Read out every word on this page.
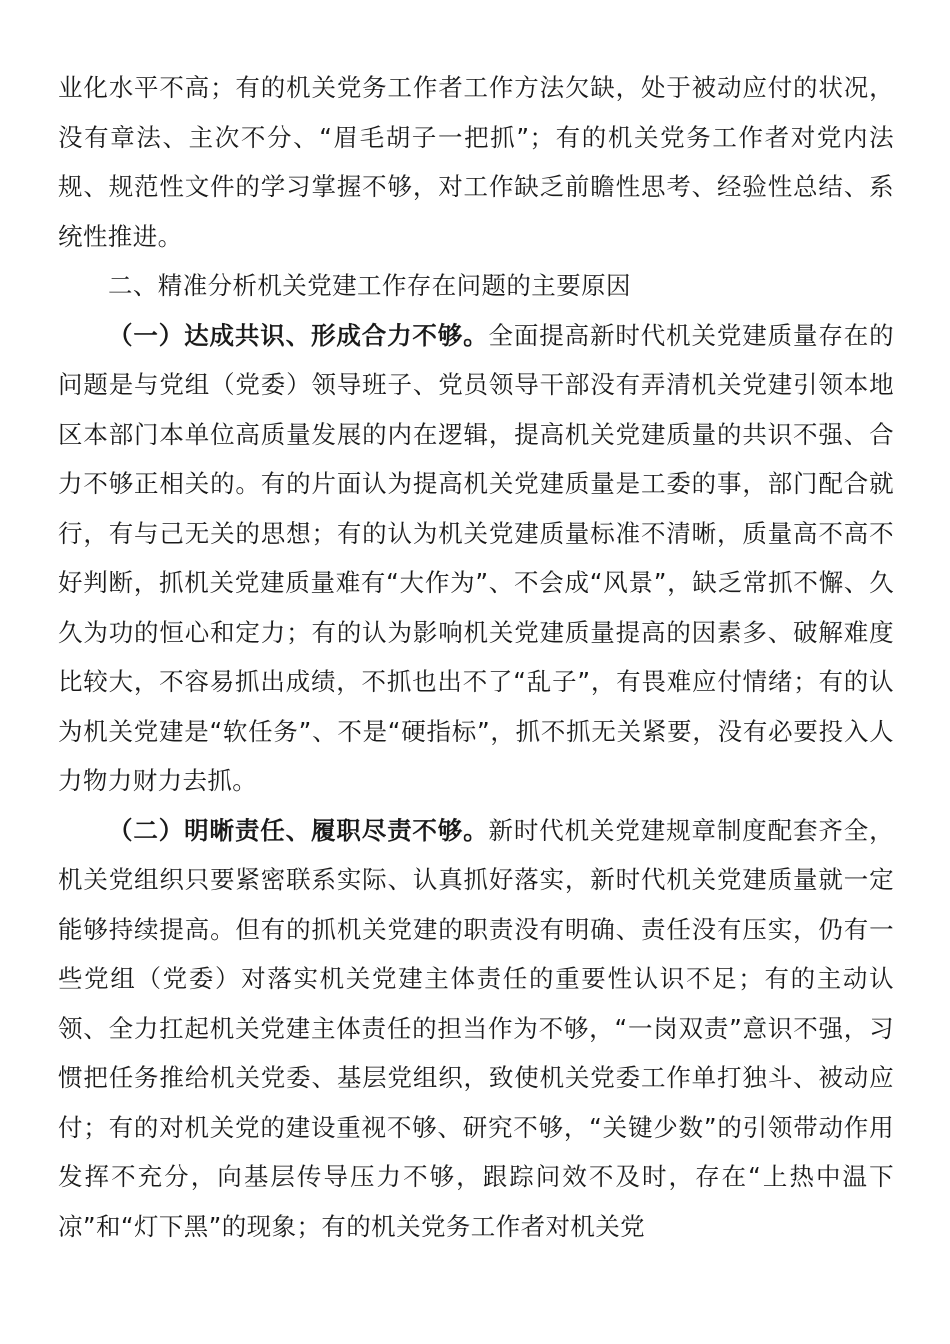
业化水平不高；有的机关党务工作者工作方法欠缺，处于被动应付的状况，没有章法、主次不分、“眉毛胡子一把抓”；有的机关党务工作者对党内法规、规范性文件的学习掌握不够，对工作缺乏前瞻性思考、经验性总结、系统性推进。

二、精准分析机关党建工作存在问题的主要原因

（一）达成共识、形成合力不够。全面提高新时代机关党建质量存在的问题是与党组（党委）领导班子、党员领导干部没有弄清机关党建引领本地区本部门本单位高质量发展的内在逻辑，提高机关党建质量的共识不强、合力不够正相关的。有的片面认为提高机关党建质量是工委的事，部门配合就行，有与己无关的思想；有的认为机关党建质量标准不清晰，质量高不高不好判断，抓机关党建质量难有“大作为”、不会成“风景”，缺乏常抓不懈、久久为功的恒心和定力；有的认为影响机关党建质量提高的因素多、破解难度比较大，不容易抓出成绩，不抓也出不了“乱子”，有畏难应付情绪；有的认为机关党建是“软任务”、不是“硬指标”，抓不抓无关紧要，没有必要投入人力物力财力去抓。

（二）明晰责任、履职尽责不够。新时代机关党建规章制度配套齐全，机关党组织只要紧密联系实际、认真抓好落实，新时代机关党建质量就一定能够持续提高。但有的抓机关党建的职责没有明确、责任没有压实，仍有一些党组（党委）对落实机关党建主体责任的重要性认识不足；有的主动认领、全力扛起机关党建主体责任的担当作为不够，“一岗双责”意识不强，习惯把任务推给机关党委、基层党组织，致使机关党委工作单打独斗、被动应付；有的对机关党的建设重视不够、研究不够，“关键少数”的引领带动作用发挥不充分，向基层传导压力不够，跟踪问效不及时，存在“上热中温下凉”和“灯下黑”的现象；有的机关党务工作者对机关党
